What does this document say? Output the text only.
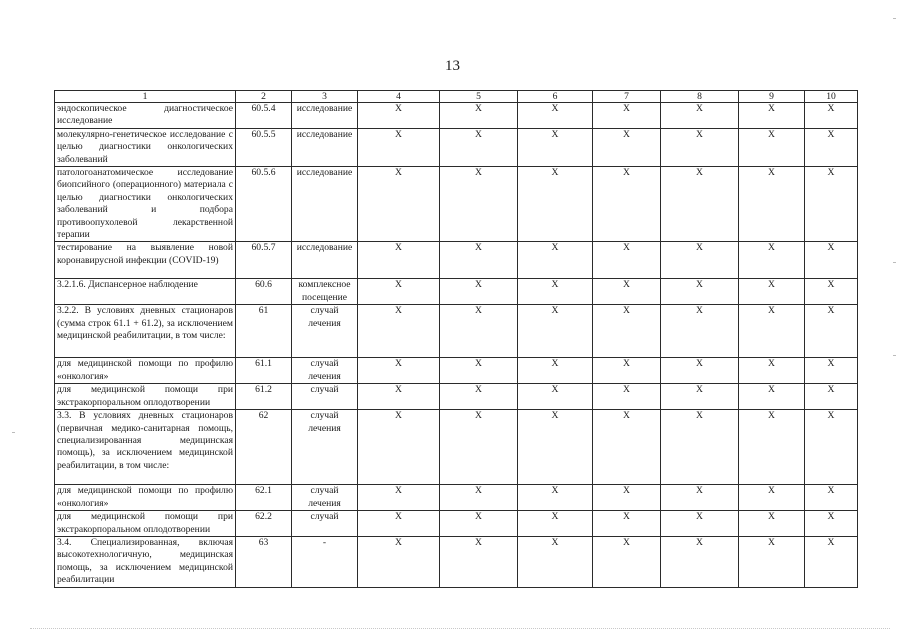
13
1	2	3	4	5	6	7	8	9	10
эндоскопическое диагностическое исследование	60.5.4	исследование	X	X	X	X	X	X	X
молекулярно-генетическое исследование с целью диагностики онкологических заболеваний	60.5.5	исследование	X	X	X	X	X	X	X
патологоанатомическое исследование биопсийного (операционного) материала с целью диагностики онкологических заболеваний и подбора противоопухолевой лекарственной терапии	60.5.6	исследование	X	X	X	X	X	X	X
тестирование на выявление новой коронавирусной инфекции (COVID-19)	60.5.7	исследование	X	X	X	X	X	X	X
3.2.1.6. Диспансерное наблюдение	60.6	комплексное посещение	X	X	X	X	X	X	X
3.2.2. В условиях дневных стационаров (сумма строк 61.1 + 61.2), за исключением медицинской реабилитации, в том числе:	61	случай лечения	X	X	X	X	X	X	X
для медицинской помощи по профилю «онкология»	61.1	случай лечения	X	X	X	X	X	X	X
для медицинской помощи при экстракорпоральном оплодотворении	61.2	случай	X	X	X	X	X	X	X
3.3. В условиях дневных стационаров (первичная медико-санитарная помощь, специализированная медицинская помощь), за исключением медицинской реабилитации, в том числе:	62	случай лечения	X	X	X	X	X	X	X
для медицинской помощи по профилю «онкология»	62.1	случай лечения	X	X	X	X	X	X	X
для медицинской помощи при экстракорпоральном оплодотворении	62.2	случай	X	X	X	X	X	X	X
3.4. Специализированная, включая высокотехнологичную, медицинская помощь, за исключением медицинской реабилитации	63	-	X	X	X	X	X	X	X
